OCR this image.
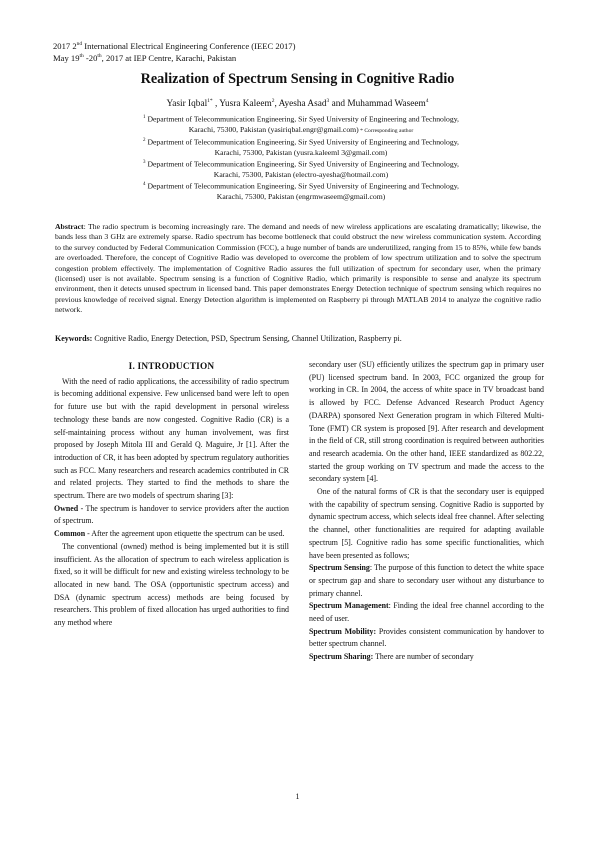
2017 2nd International Electrical Engineering Conference (IEEC 2017)
May 19th -20th, 2017 at IEP Centre, Karachi, Pakistan
Realization of Spectrum Sensing in Cognitive Radio
Yasir Iqbal$^{1*}$ , Yusra Kaleem$^2$, Ayesha Asad$^3$ and Muhammad Waseem$^4$

$^1$ Department of Telecommunication Engineering, Sir Syed University of Engineering and Technology,
Karachi, 75300, Pakistan (yasiriqbal.engr@gmail.com) * Corresponding author

$^2$ Department of Telecommunication Engineering, Sir Syed University of Engineering and Technology,
Karachi, 75300, Pakistan (yusra.kaleeml 3@gmail.com)

$^3$ Department of Telecommunication Engineering, Sir Syed University of Engineering and Technology,
Karachi, 75300, Pakistan (electro-ayesha@hotmail.com)

$^4$ Department of Telecommunication Engineering, Sir Syed University of Engineering and Technology,
Karachi, 75300, Pakistan (engrmwaseem@gmail.com)

Abstract: The radio spectrum is becoming increasingly rare. The demand and needs of new wireless applications are escalating dramatically; likewise, the bands less than 3 GHz are extremely sparse. Radio spectrum has become bottleneck that could obstruct the new wireless communication system. According to the survey conducted by Federal Communication Commission (FCC), a huge number of bands are underutilized, ranging from 15 to 85%, while few bands are overloaded. Therefore, the concept of Cognitive Radio was developed to overcome the problem of low spectrum utilization and to solve the spectrum congestion problem effectively. The implementation of Cognitive Radio assures the full utilization of spectrum for secondary user, when the primary (licensed) user is not available. Spectrum sensing is a function of Cognitive Radio, which primarily is responsible to sense and analyze its spectrum environment, then it detects unused spectrum in licensed band. This paper demonstrates Energy Detection technique of spectrum sensing which requires no previous knowledge of received signal. Energy Detection algorithm is implemented on Raspberry pi through MATLAB 2014 to analyze the cognitive radio network.

Keywords: Cognitive Radio, Energy Detection, PSD, Spectrum Sensing, Channel Utilization, Raspberry pi.

I. INTRODUCTION

With the need of radio applications, the accessibility of radio spectrum is becoming additional expensive. Few unlicensed band were left to open for future use but with the rapid development in personal wireless technology these bands are now congested. Cognitive Radio (CR) is a self-maintaining process without any human involvement, was first proposed by Joseph Mitola III and Gerald Q. Maguire, Jr [1]. After the introduction of CR, it has been adopted by spectrum regulatory authorities such as FCC. Many researchers and research academics contributed in CR and related projects. They started to find the methods to share the spectrum. There are two models of spectrum sharing [3]:

Owned - The spectrum is handover to service providers after the auction of spectrum.

Common - After the agreement upon etiquette the spectrum can be used.

The conventional (owned) method is being implemented but it is still insufficient. As the allocation of spectrum to each wireless application is fixed, so it will be difficult for new and existing wireless technology to be allocated in new band. The OSA (opportunistic spectrum access) and DSA (dynamic spectrum access) methods are being focused by researchers. This problem of fixed allocation has urged authorities to find any method where

secondary user (SU) efficiently utilizes the spectrum gap in primary user (PU) licensed spectrum band. In 2003, FCC organized the group for working in CR. In 2004, the access of white space in TV broadcast band is allowed by FCC. Defense Advanced Research Product Agency (DARPA) sponsored Next Generation program in which Filtered Multi-Tone (FMT) CR system is proposed [9]. After research and development in the field of CR, still strong coordination is required between authorities and research academia. On the other hand, IEEE standardized as 802.22, started the group working on TV spectrum and made the access to the secondary system [4].

One of the natural forms of CR is that the secondary user is equipped with the capability of spectrum sensing. Cognitive Radio is supported by dynamic spectrum access, which selects ideal free channel. After selecting the channel, other functionalities are required for adapting available spectrum [5]. Cognitive radio has some specific functionalities, which have been presented as follows;

Spectrum Sensing: The purpose of this function to detect the white space or spectrum gap and share to secondary user without any disturbance to primary channel.

Spectrum Management: Finding the ideal free channel according to the need of user.

Spectrum Mobility: Provides consistent communication by handover to better spectrum channel.

Spectrum Sharing: There are number of secondary

1
